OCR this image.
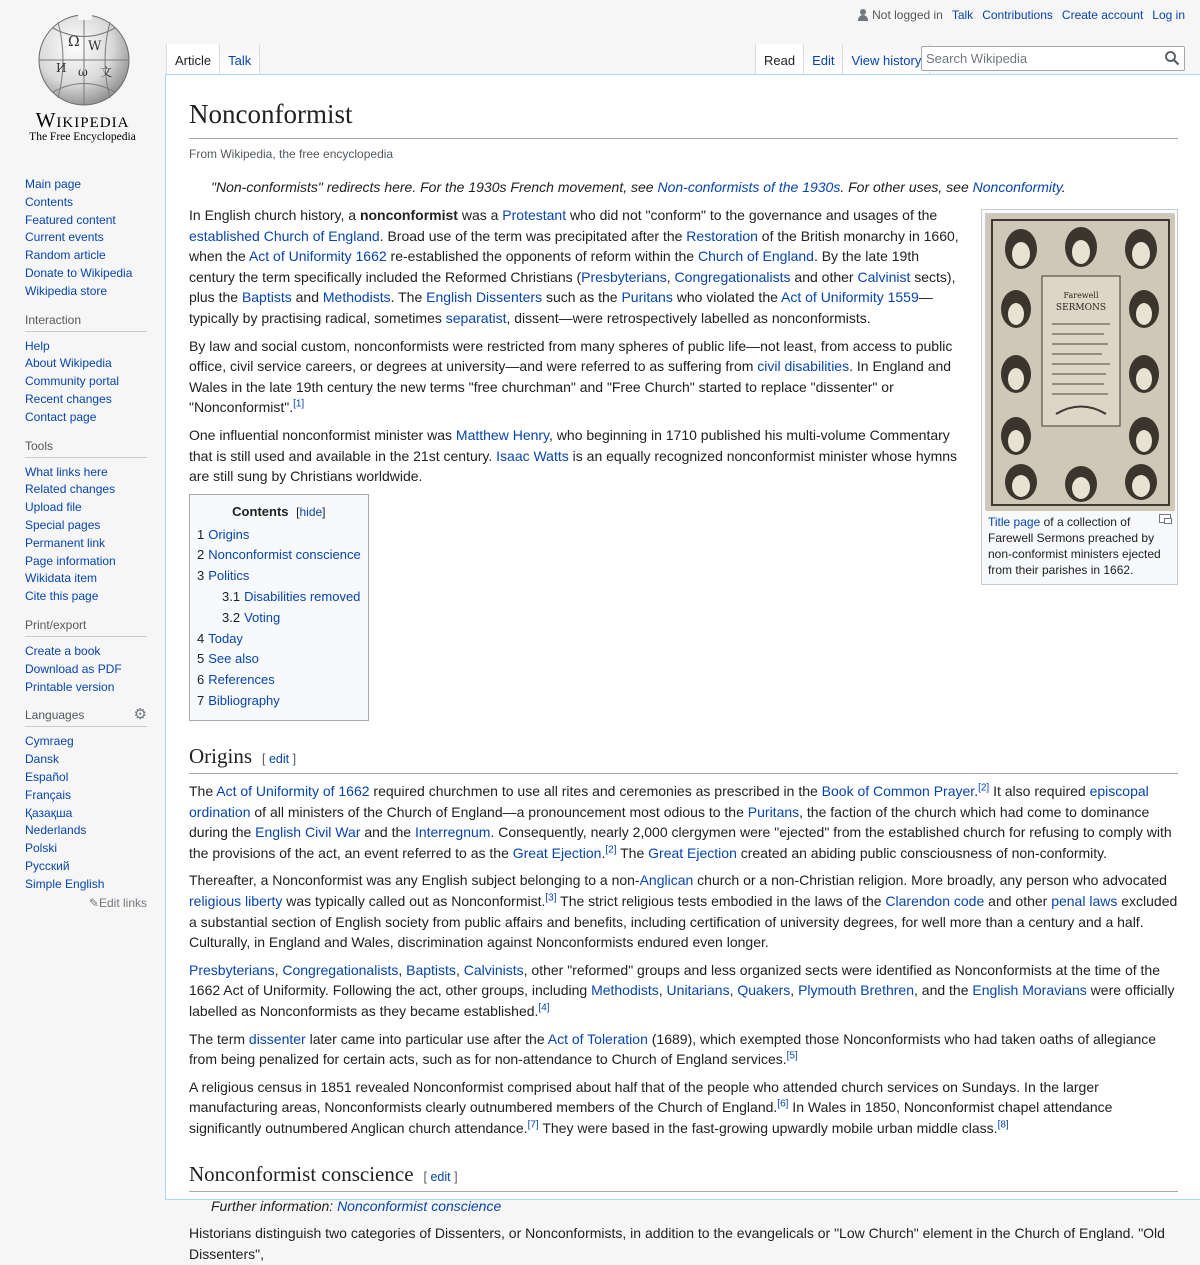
Not logged in Talk Contributions Create account Log in
Ω W
И ω 文
Wikipedia
The Free Encyclopedia
Article Talk	Read Edit View history Search Wikipedia
Main page
Contents
Featured content
Current events
Random article
Donate to Wikipedia
Wikipedia store
Interaction
Help
About Wikipedia
Community portal
Recent changes
Contact page
Tools
What links here
Related changes
Upload file
Special pages
Permanent link
Page information
Wikidata item
Cite this page
Print/export
Create a book
Download as PDF
Printable version
Languages	⚙
Cymraeg
Dansk
Español
Français
Қазақша
Nederlands
Polski
Русский
Simple English
✎Edit links
Nonconformist
From Wikipedia, the free encyclopedia
"Non-conformists" redirects here. For the 1930s French movement, see Non-conformists of the 1930s. For other uses, see Nonconformity.
Farewell
SERMONS
Title page of a collection of Farewell Sermons preached by non-conformist ministers ejected from their parishes in 1662.

In English church history, a nonconformist was a Protestant who did not "conform" to the governance and usages of the established Church of England. Broad use of the term was precipitated after the Restoration of the British monarchy in 1660, when the Act of Uniformity 1662 re-established the opponents of reform within the Church of England. By the late 19th century the term specifically included the Reformed Christians (Presbyterians, Congregationalists and other Calvinist sects), plus the Baptists and Methodists. The English Dissenters such as the Puritans who violated the Act of Uniformity 1559—typically by practising radical, sometimes separatist, dissent—were retrospectively labelled as nonconformists.

By law and social custom, nonconformists were restricted from many spheres of public life—not least, from access to public office, civil service careers, or degrees at university—and were referred to as suffering from civil disabilities. In England and Wales in the late 19th century the new terms "free churchman" and "Free Church" started to replace "dissenter" or "Nonconformist".[1]

One influential nonconformist minister was Matthew Henry, who beginning in 1710 published his multi-volume Commentary that is still used and available in the 21st century. Isaac Watts is an equally recognized nonconformist minister whose hymns are still sung by Christians worldwide.

Contents [hide]
1 Origins
2 Nonconformist conscience
3 Politics
3.1 Disabilities removed
3.2 Voting
4 Today
5 See also
6 References
7 Bibliography
Origins [ edit ]

The Act of Uniformity of 1662 required churchmen to use all rites and ceremonies as prescribed in the Book of Common Prayer.[2] It also required episcopal ordination of all ministers of the Church of England—a pronouncement most odious to the Puritans, the faction of the church which had come to dominance during the English Civil War and the Interregnum. Consequently, nearly 2,000 clergymen were "ejected" from the established church for refusing to comply with the provisions of the act, an event referred to as the Great Ejection.[2] The Great Ejection created an abiding public consciousness of non-conformity.

Thereafter, a Nonconformist was any English subject belonging to a non-Anglican church or a non-Christian religion. More broadly, any person who advocated religious liberty was typically called out as Nonconformist.[3] The strict religious tests embodied in the laws of the Clarendon code and other penal laws excluded a substantial section of English society from public affairs and benefits, including certification of university degrees, for well more than a century and a half. Culturally, in England and Wales, discrimination against Nonconformists endured even longer.

Presbyterians, Congregationalists, Baptists, Calvinists, other "reformed" groups and less organized sects were identified as Nonconformists at the time of the 1662 Act of Uniformity. Following the act, other groups, including Methodists, Unitarians, Quakers, Plymouth Brethren, and the English Moravians were officially labelled as Nonconformists as they became established.[4]

The term dissenter later came into particular use after the Act of Toleration (1689), which exempted those Nonconformists who had taken oaths of allegiance from being penalized for certain acts, such as for non-attendance to Church of England services.[5]

A religious census in 1851 revealed Nonconformist comprised about half that of the people who attended church services on Sundays. In the larger manufacturing areas, Nonconformists clearly outnumbered members of the Church of England.[6] In Wales in 1850, Nonconformist chapel attendance significantly outnumbered Anglican church attendance.[7] They were based in the fast-growing upwardly mobile urban middle class.[8]

Nonconformist conscience [ edit ]
Further information: Nonconformist conscience

Historians distinguish two categories of Dissenters, or Nonconformists, in addition to the evangelicals or "Low Church" element in the Church of England. "Old Dissenters",
